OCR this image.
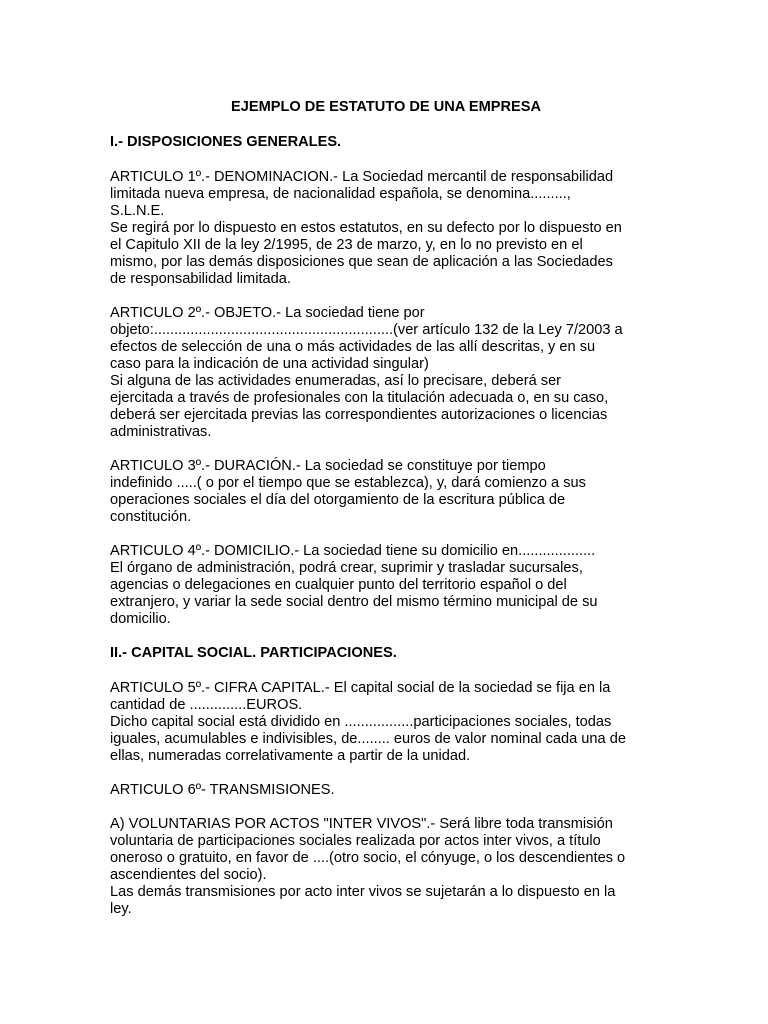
EJEMPLO DE ESTATUTO DE UNA EMPRESA
I.- DISPOSICIONES GENERALES.
ARTICULO 1º.- DENOMINACION.- La Sociedad mercantil de responsabilidad
limitada nueva empresa, de nacionalidad española, se denomina.........,
S.L.N.E.
Se regirá por lo dispuesto en estos estatutos, en su defecto por lo dispuesto en
el Capitulo XII de la ley 2/1995, de 23 de marzo, y, en lo no previsto en el
mismo, por las demás disposiciones que sean de aplicación a las Sociedades
de responsabilidad limitada.
ARTICULO 2º.- OBJETO.- La sociedad tiene por
objeto:...........................................................(ver artículo 132 de la Ley 7/2003 a
efectos de selección de una o más actividades de las allí descritas, y en su
caso para la indicación de una actividad singular)
Si alguna de las actividades enumeradas, así lo precisare, deberá ser
ejercitada a través de profesionales con la titulación adecuada o, en su caso,
deberá ser ejercitada previas las correspondientes autorizaciones o licencias
administrativas.
ARTICULO 3º.- DURACIÓN.- La sociedad se constituye por tiempo
indefinido .....( o por el tiempo que se establezca), y, dará comienzo a sus
operaciones sociales el día del otorgamiento de la escritura pública de
constitución.
ARTICULO 4º.- DOMICILIO.- La sociedad tiene su domicilio en...................
El órgano de administración, podrá crear, suprimir y trasladar sucursales,
agencias o delegaciones en cualquier punto del territorio español o del
extranjero, y variar la sede social dentro del mismo término municipal de su
domicilio.
II.- CAPITAL SOCIAL. PARTICIPACIONES.
ARTICULO 5º.- CIFRA CAPITAL.- El capital social de la sociedad se fija en la
cantidad de ..............EUROS.
Dicho capital social está dividido en .................participaciones sociales, todas
iguales, acumulables e indivisibles, de........ euros de valor nominal cada una de
ellas, numeradas correlativamente a partir de la unidad.
ARTICULO 6º- TRANSMISIONES.
A) VOLUNTARIAS POR ACTOS "INTER VIVOS".- Será libre toda transmisión
voluntaria de participaciones sociales realizada por actos inter vivos, a título
oneroso o gratuito, en favor de ....(otro socio, el cónyuge, o los descendientes o
ascendientes del socio).
Las demás transmisiones por acto inter vivos se sujetarán a lo dispuesto en la
ley.
